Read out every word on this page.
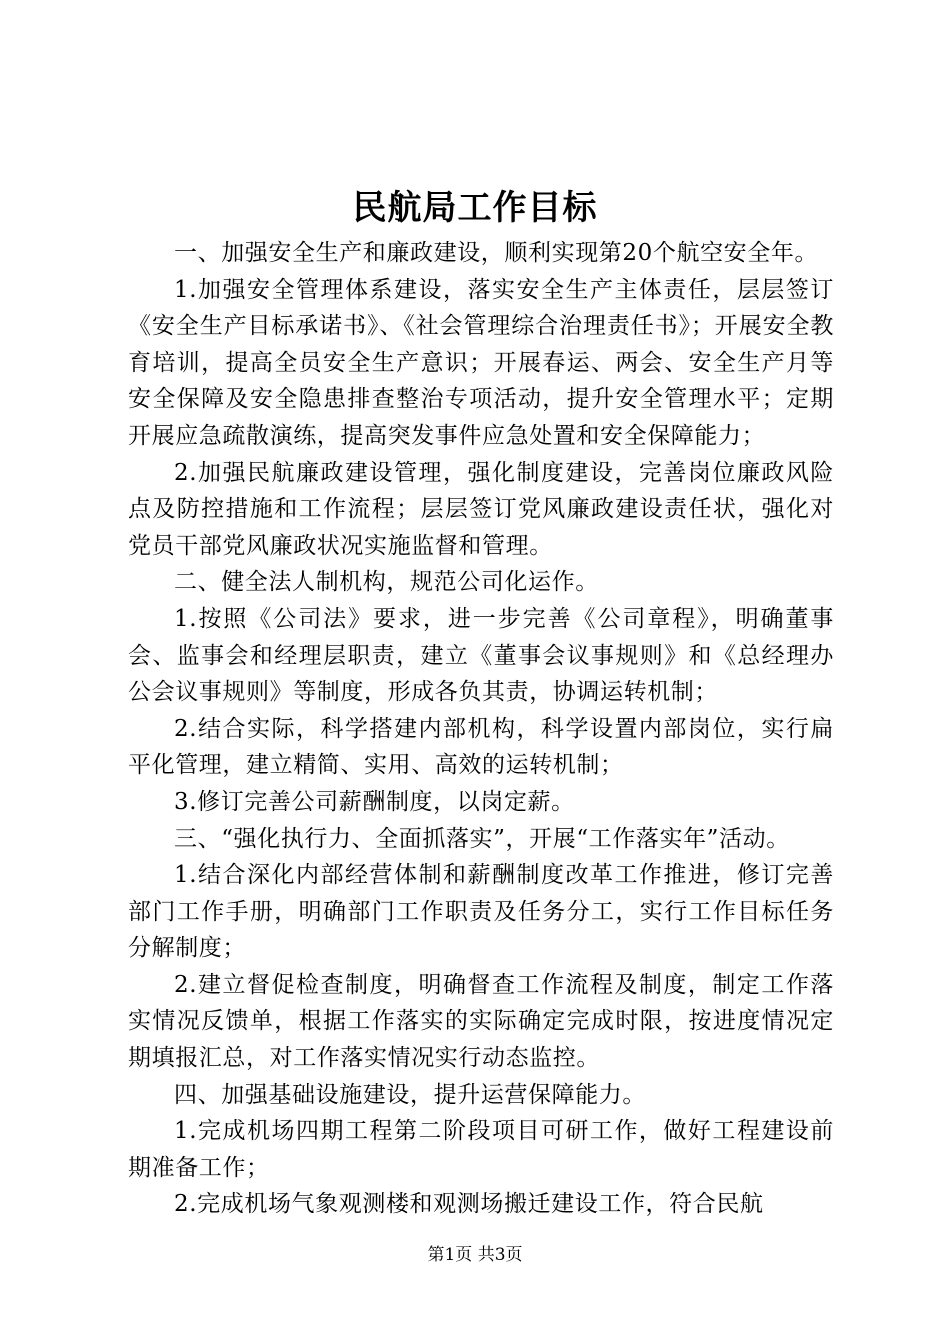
民航局工作目标

一、加强安全生产和廉政建设，顺利实现第20个航空安全年。

1.加强安全管理体系建设，落实安全生产主体责任，层层签订《安全生产目标承诺书》、《社会管理综合治理责任书》；开展安全教育培训，提高全员安全生产意识；开展春运、两会、安全生产月等安全保障及安全隐患排查整治专项活动，提升安全管理水平；定期开展应急疏散演练，提高突发事件应急处置和安全保障能力；

2.加强民航廉政建设管理，强化制度建设，完善岗位廉政风险点及防控措施和工作流程；层层签订党风廉政建设责任状，强化对党员干部党风廉政状况实施监督和管理。

二、健全法人制机构，规范公司化运作。

1.按照《公司法》要求，进一步完善《公司章程》，明确董事会、监事会和经理层职责，建立《董事会议事规则》和《总经理办公会议事规则》等制度，形成各负其责，协调运转机制；

2.结合实际，科学搭建内部机构，科学设置内部岗位，实行扁平化管理，建立精简、实用、高效的运转机制；

3.修订完善公司薪酬制度，以岗定薪。

三、“强化执行力、全面抓落实”，开展“工作落实年”活动。

1.结合深化内部经营体制和薪酬制度改革工作推进，修订完善部门工作手册，明确部门工作职责及任务分工，实行工作目标任务分解制度；

2.建立督促检查制度，明确督查工作流程及制度，制定工作落实情况反馈单，根据工作落实的实际确定完成时限，按进度情况定期填报汇总，对工作落实情况实行动态监控。

四、加强基础设施建设，提升运营保障能力。

1.完成机场四期工程第二阶段项目可研工作，做好工程建设前期准备工作；

2.完成机场气象观测楼和观测场搬迁建设工作，符合民航

第1页 共3页
